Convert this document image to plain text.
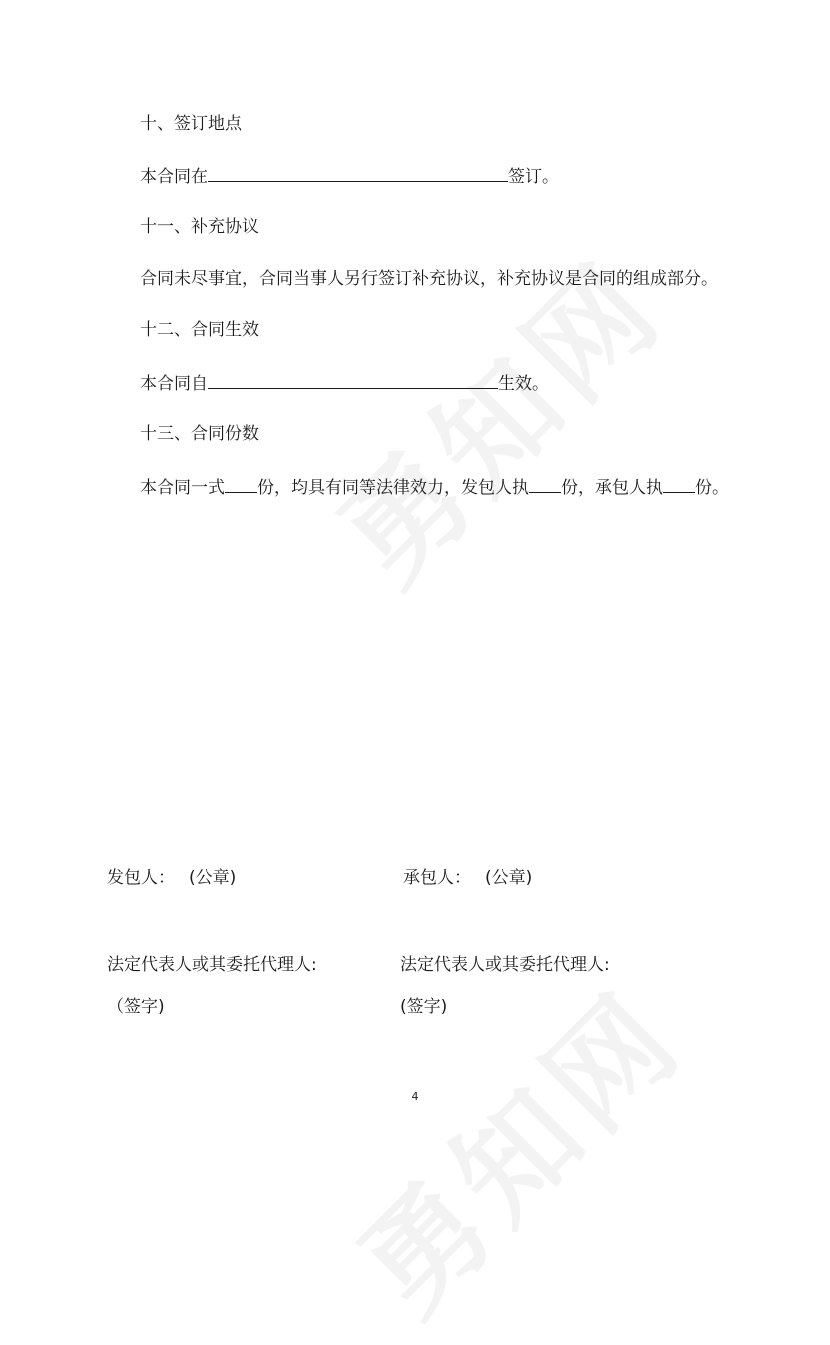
十、签订地点
本合同在	签订。
十一、补充协议
合同未尽事宜，合同当事人另行签订补充协议，补充协议是合同的组成部分。
十二、合同生效
本合同自	生效。
十三、合同份数
本合同一式 份，均具有同等法律效力，发包人执 份，承包人执 份。
发包人： (公章)	承包人： (公章)
法定代表人或其委托代理人:	法定代表人或其委托代理人:
（签字)	(签字)
4
